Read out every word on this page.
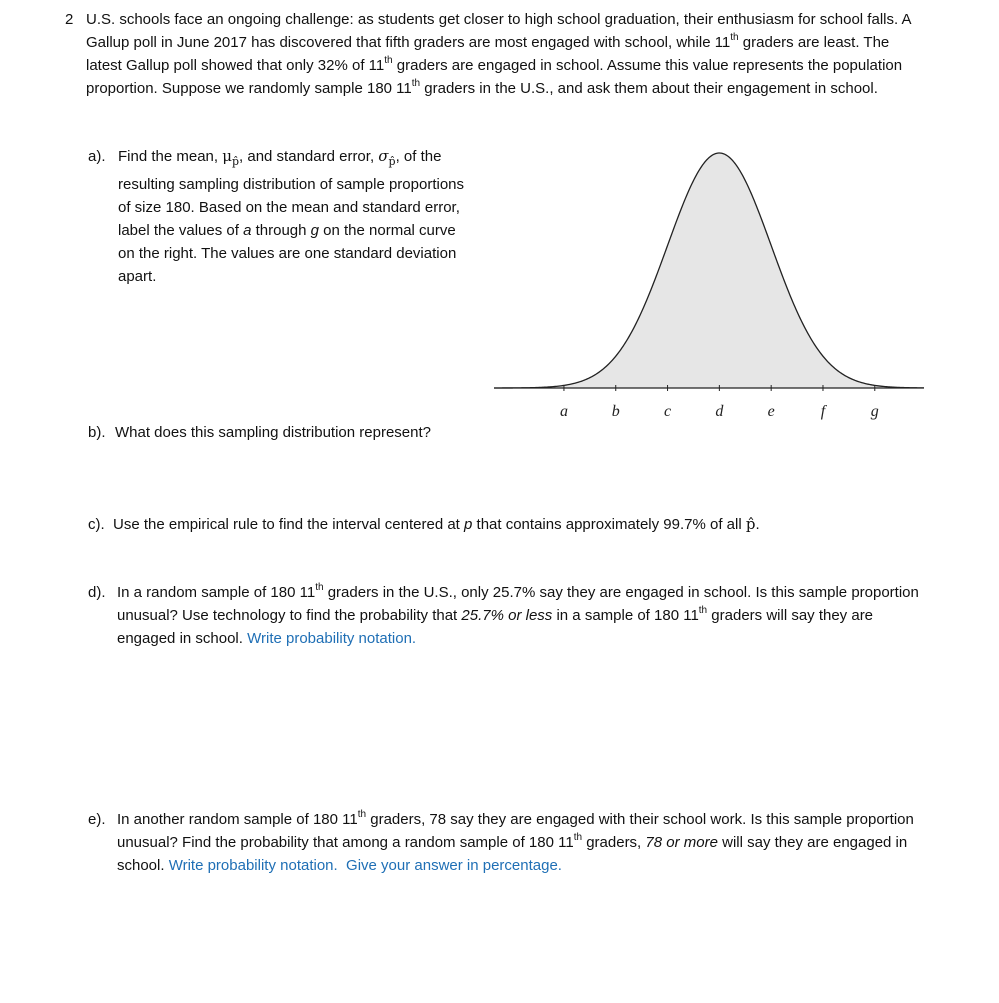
2 U.S. schools face an ongoing challenge: as students get closer to high school graduation, their enthusiasm for school falls. A Gallup poll in June 2017 has discovered that fifth graders are most engaged with school, while 11th graders are least. The latest Gallup poll showed that only 32% of 11th graders are engaged in school. Assume this value represents the population proportion. Suppose we randomly sample 180 11th graders in the U.S., and ask them about their engagement in school.
a). Find the mean, $\mu_{p̂}$, and standard error, $\sigma_{p̂}$, of the resulting sampling distribution of sample proportions of size 180. Based on the mean and standard error, label the values of a through g on the normal curve on the right. The values are one standard deviation apart.
a	b	c	d	e	f	g
b). What does this sampling distribution represent?
c). Use the empirical rule to find the interval centered at p that contains approximately 99.7% of all p̂.
d). In a random sample of 180 11th graders in the U.S., only 25.7% say they are engaged in school. Is this sample proportion unusual? Use technology to find the probability that 25.7% or less in a sample of 180 11th graders will say they are engaged in school. Write probability notation.
e). In another random sample of 180 11th graders, 78 say they are engaged with their school work. Is this sample proportion unusual? Find the probability that among a random sample of 180 11th graders, 78 or more will say they are engaged in school. Write probability notation. Give your answer in percentage.
